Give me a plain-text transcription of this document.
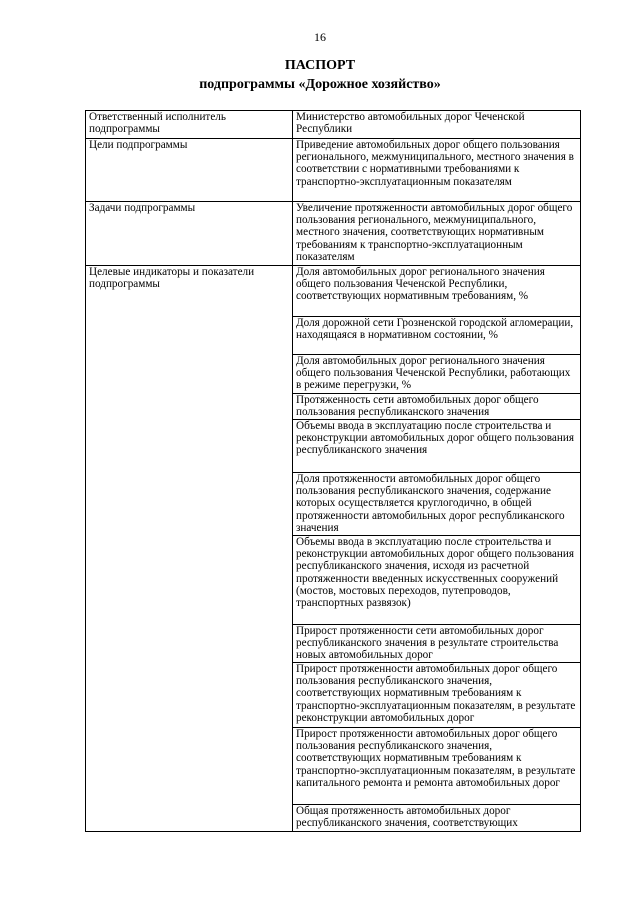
16
ПАСПОРТ
подпрограммы «Дорожное хозяйство»
Ответственный исполнитель подпрограммы	Министерство автомобильных дорог Чеченской Республики
Цели подпрограммы	Приведение автомобильных дорог общего пользования регионального, межмуниципального, местного значения в соответствии с нормативными требованиями к транспортно-эксплуатационным показателям
Задачи подпрограммы	Увеличение протяженности автомобильных дорог общего пользования регионального, межмуниципального, местного значения, соответствующих нормативным требованиям к транспортно-эксплуатационным показателям
Целевые индикаторы и показатели подпрограммы	Доля автомобильных дорог регионального значения общего пользования Чеченской Республики, соответствующих нормативным требованиям, %
	Доля дорожной сети Грозненской городской агломерации, находящаяся в нормативном состоянии, %
	Доля автомобильных дорог регионального значения общего пользования Чеченской Республики, работающих в режиме перегрузки, %
	Протяженность сети автомобильных дорог общего пользования республиканского значения
	Объемы ввода в эксплуатацию после строительства и реконструкции автомобильных дорог общего пользования республиканского значения
	Доля протяженности автомобильных дорог общего пользования республиканского значения, содержание которых осуществляется круглогодично, в общей протяженности автомобильных дорог республиканского значения
	Объемы ввода в эксплуатацию после строительства и реконструкции автомобильных дорог общего пользования республиканского значения, исходя из расчетной протяженности введенных искусственных сооружений (мостов, мостовых переходов, путепроводов, транспортных развязок)
	Прирост протяженности сети автомобильных дорог республиканского значения в результате строительства новых автомобильных дорог
	Прирост протяженности автомобильных дорог общего пользования республиканского значения, соответствующих нормативным требованиям к транспортно-эксплуатационным показателям, в результате реконструкции автомобильных дорог
	Прирост протяженности автомобильных дорог общего пользования республиканского значения, соответствующих нормативным требованиям к транспортно-эксплуатационным показателям, в результате капитального ремонта и ремонта автомобильных дорог
	Общая протяженность автомобильных дорог республиканского значения, соответствующих
